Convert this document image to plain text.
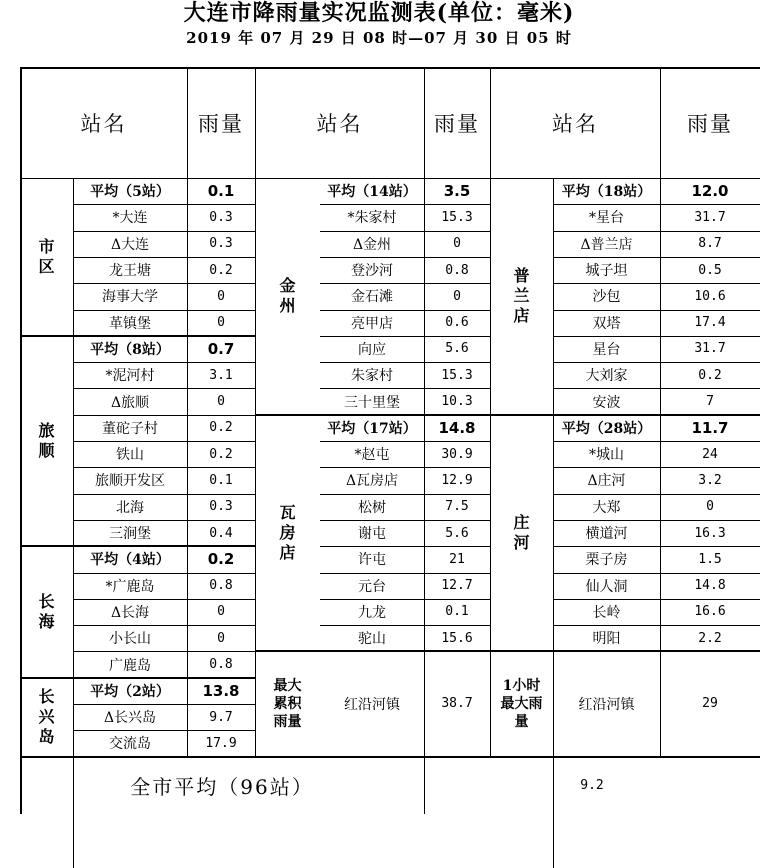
大连市降雨量实况监测表(单位：毫米)
2019 年 07 月 29 日 08 时—07 月 30 日 05 时
站名	雨量	站名	雨量	站名	雨量
平均（5站）	0.1
*大连	0.3
Δ大连	0.3
龙王塘	0.2
海事大学	0
革镇堡	0
市
区
平均（8站）	0.7
*泥河村	3.1
Δ旅顺	0
董砣子村	0.2
铁山	0.2
旅顺开发区	0.1
北海	0.3
三涧堡	0.4
旅
顺
平均（4站）	0.2
*广鹿岛	0.8
Δ长海	0
小长山	0
广鹿岛	0.8
长
海
平均（2站）	13.8
Δ长兴岛	9.7
交流岛	17.9
长
兴
岛
平均（14站）	3.5
*朱家村	15.3
Δ金州	0
登沙河	0.8
金石滩	0
亮甲店	0.6
向应	5.6
朱家村	15.3
三十里堡	10.3
金
州
平均（17站）	14.8
*赵屯	30.9
Δ瓦房店	12.9
松树	7.5
谢屯	5.6
许屯	21
元台	12.7
九龙	0.1
驼山	15.6
瓦
房
店
平均（18站）	12.0
*星台	31.7
Δ普兰店	8.7
城子坦	0.5
沙包	10.6
双塔	17.4
星台	31.7
大刘家	0.2
安波	7
普
兰
店
平均（28站）	11.7
*城山	24
Δ庄河	3.2
大郑	0
横道河	16.3
栗子房	1.5
仙人洞	14.8
长岭	16.6
明阳	2.2
庄
河
最大
累积
雨量
红沿河镇	38.7
1小时
最大雨
量
红沿河镇	29
全市平均（96站）	9.2
